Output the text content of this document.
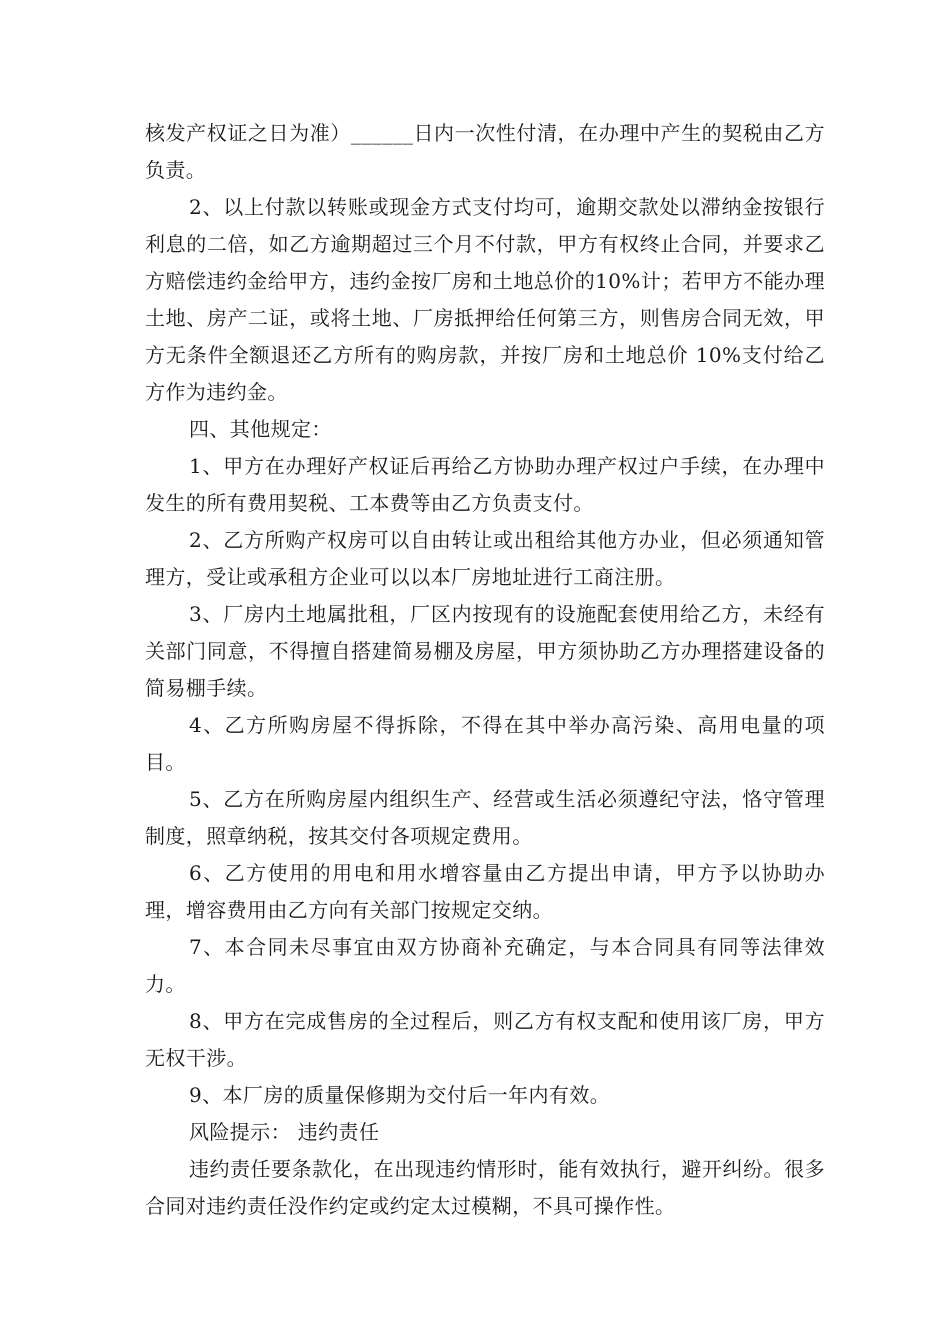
核发产权证之日为准）______日内一次性付清，在办理中产生的契税由乙方负责。

2、以上付款以转账或现金方式支付均可，逾期交款处以滞纳金按银行利息的二倍，如乙方逾期超过三个月不付款，甲方有权终止合同，并要求乙方赔偿违约金给甲方，违约金按厂房和土地总价的10%计；若甲方不能办理土地、房产二证，或将土地、厂房抵押给任何第三方，则售房合同无效，甲方无条件全额退还乙方所有的购房款，并按厂房和土地总价 10%支付给乙方作为违约金。

四、其他规定：

1、甲方在办理好产权证后再给乙方协助办理产权过户手续，在办理中发生的所有费用契税、工本费等由乙方负责支付。

2、乙方所购产权房可以自由转让或出租给其他方办业，但必须通知管理方，受让或承租方企业可以以本厂房地址进行工商注册。

3、厂房内土地属批租，厂区内按现有的设施配套使用给乙方，未经有关部门同意，不得擅自搭建简易棚及房屋，甲方须协助乙方办理搭建设备的简易棚手续。

4、乙方所购房屋不得拆除，不得在其中举办高污染、高用电量的项目。

5、乙方在所购房屋内组织生产、经营或生活必须遵纪守法，恪守管理制度，照章纳税，按其交付各项规定费用。

6、乙方使用的用电和用水增容量由乙方提出申请，甲方予以协助办理，增容费用由乙方向有关部门按规定交纳。

7、本合同未尽事宜由双方协商补充确定，与本合同具有同等法律效力。

8、甲方在完成售房的全过程后，则乙方有权支配和使用该厂房，甲方无权干涉。

9、本厂房的质量保修期为交付后一年内有效。

风险提示： 违约责任

违约责任要条款化，在出现违约情形时，能有效执行，避开纠纷。很多合同对违约责任没作约定或约定太过模糊，不具可操作性。
